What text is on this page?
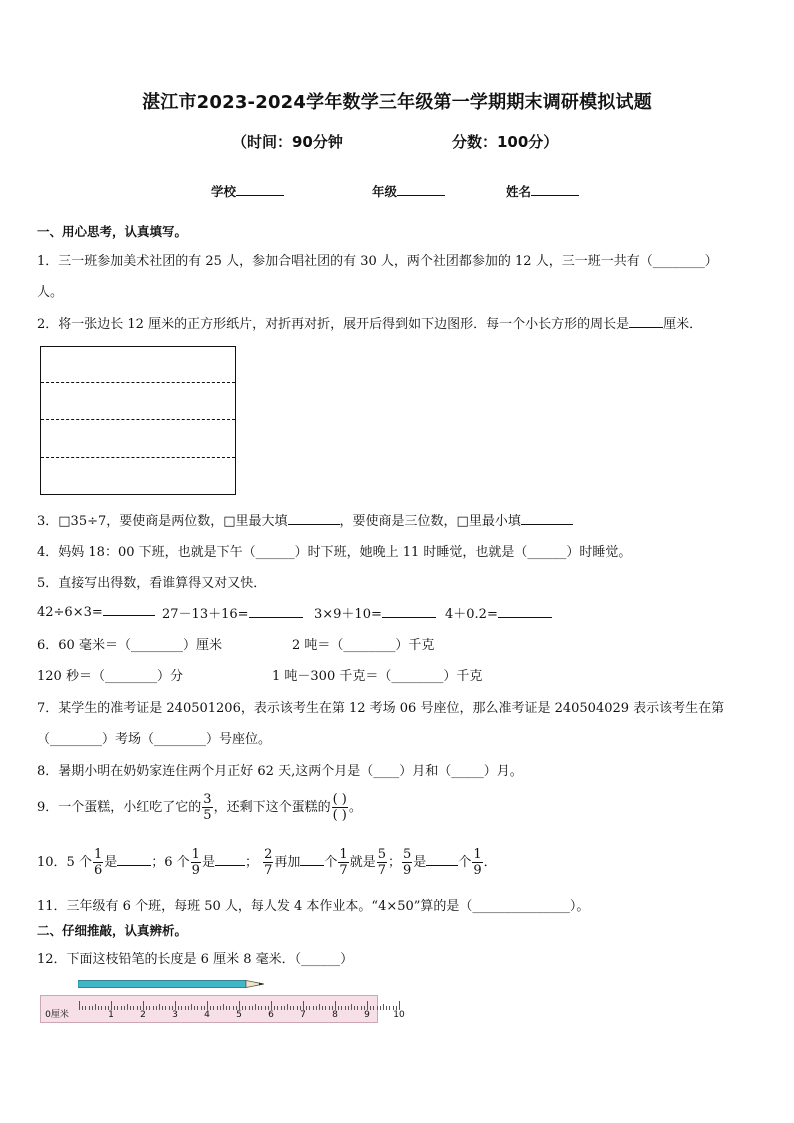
湛江市2023-2024学年数学三年级第一学期期末调研模拟试题
（时间：90分钟	分数：100分）
学校	年级	姓名
一、用心思考，认真填写。
1．三一班参加美术社团的有 25 人，参加合唱社团的有 30 人，两个社团都参加的 12 人，三一班一共有（________）
人。
2．将一张边长 12 厘米的正方形纸片，对折再对折，展开后得到如下边图形．每一个小长方形的周长是	厘米．
3．□35÷7，要使商是两位数，□里最大填	，要使商是三位数，□里最小填
4．妈妈 18：00 下班，也就是下午（______）时下班，她晚上 11 时睡觉，也就是（______）时睡觉。
5．直接写出得数，看谁算得又对又快．
42÷6×3=	27－13＋16=	3×9＋10=	4＋0.2=
6．60 毫米＝（________）厘米	2 吨＝（________）千克
120 秒＝（________）分	1 吨－300 千克＝（________）千克
7．某学生的准考证是 240501206，表示该考生在第 12 考场 06 号座位，那么准考证是 240504029 表示该考生在第
（________）考场（________）号座位。
8．暑期小明在奶奶家连住两个月正好 62 天,这两个月是（____）月和（_____）月。
9．一个蛋糕，小红吃了它的 $\frac{3}{5}$ ，还剩下这个蛋糕的 $\frac{( )}{( )}$ 。
10．5 个 $\frac{1}{6}$ 是	；6 个 $\frac{1}{9}$ 是 ； $\frac{2}{7}$ 再加 个 $\frac{1}{7}$ 就是 $\frac{5}{7}$ ； $\frac{5}{9}$ 是 个 $\frac{1}{9}$ ．
11．三年级有 6 个班，每班 50 人，每人发 4 本作业本。“4×50”算的是（_______________）。
二、仔细推敲，认真辨析。
12．下面这枝铅笔的长度是 6 厘米 8 毫米．（______）
0厘米	1	2	3	4	5	6	7	8	9	10
